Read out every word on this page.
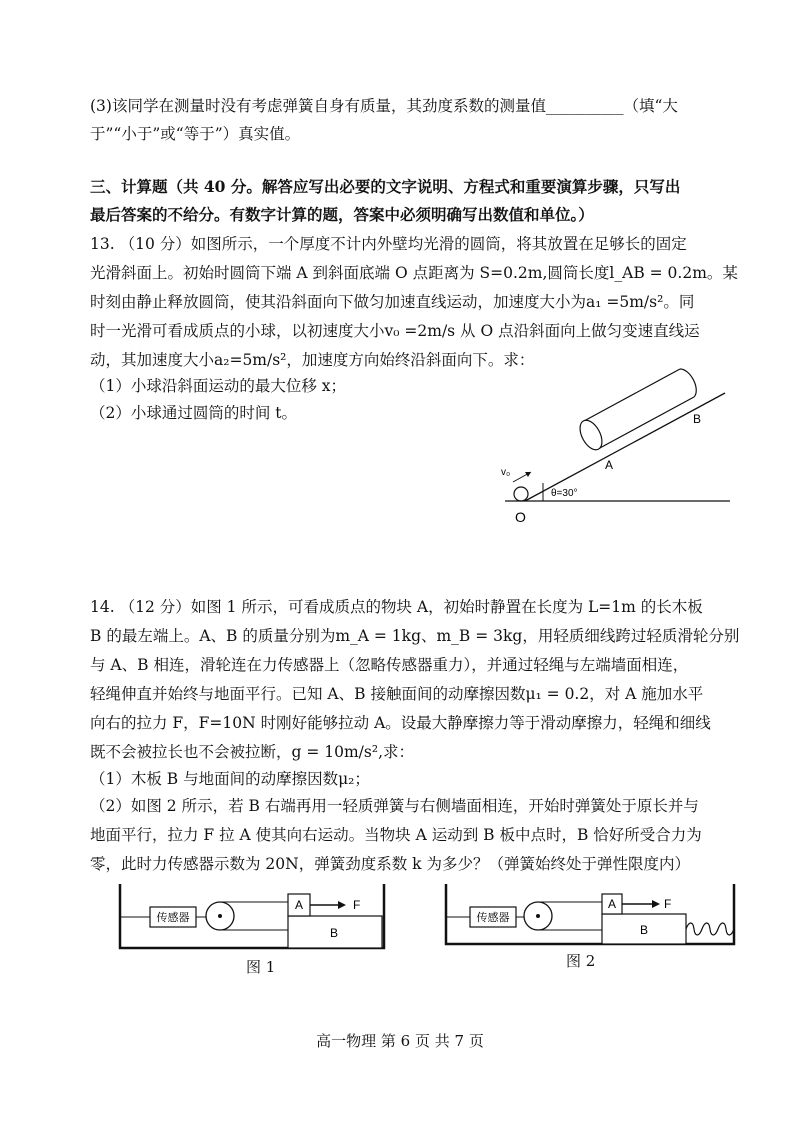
(3)该同学在测量时没有考虑弹簧自身有质量，其劲度系数的测量值__________（填“大
于”“小于”或“等于”）真实值。
三、计算题（共 40 分。解答应写出必要的文字说明、方程式和重要演算步骤，只写出
最后答案的不给分。有数字计算的题，答案中必须明确写出数值和单位。）
13. （10 分）如图所示，一个厚度不计内外壁均光滑的圆筒，将其放置在足够长的固定
光滑斜面上。初始时圆筒下端 A 到斜面底端 O 点距离为 S=0.2m,圆筒长度l_AB = 0.2m。某
时刻由静止释放圆筒，使其沿斜面向下做匀加速直线运动，加速度大小为a₁ =5m/s²。同
时一光滑可看成质点的小球，以初速度大小v₀ =2m/s 从 O 点沿斜面向上做匀变速直线运
动，其加速度大小a₂=5m/s²，加速度方向始终沿斜面向下。求：
（1）小球沿斜面运动的最大位移 x；
（2）小球通过圆筒的时间 t。	B
A
v₀
θ=30°
O
14. （12 分）如图 1 所示，可看成质点的物块 A，初始时静置在长度为 L=1m 的长木板
B 的最左端上。A、B 的质量分别为m_A = 1kg、m_B = 3kg，用轻质细线跨过轻质滑轮分别
与 A、B 相连，滑轮连在力传感器上（忽略传感器重力），并通过轻绳与左端墙面相连，
轻绳伸直并始终与地面平行。已知 A、B 接触面间的动摩擦因数μ₁ = 0.2，对 A 施加水平
向右的拉力 F，F=10N 时刚好能够拉动 A。设最大静摩擦力等于滑动摩擦力，轻绳和细线
既不会被拉长也不会被拉断，g = 10m/s²,求：
（1）木板 B 与地面间的动摩擦因数μ₂；
（2）如图 2 所示，若 B 右端再用一轻质弹簧与右侧墙面相连，开始时弹簧处于原长并与
地面平行，拉力 F 拉 A 使其向右运动。当物块 A 运动到 B 板中点时，B 恰好所受合力为
零，此时力传感器示数为 20N，弹簧劲度系数 k 为多少？（弹簧始终处于弹性限度内）
传感器
B
A	F
图 1
传感器
B
A	F
图 2
高一物理 第 6 页 共 7 页
